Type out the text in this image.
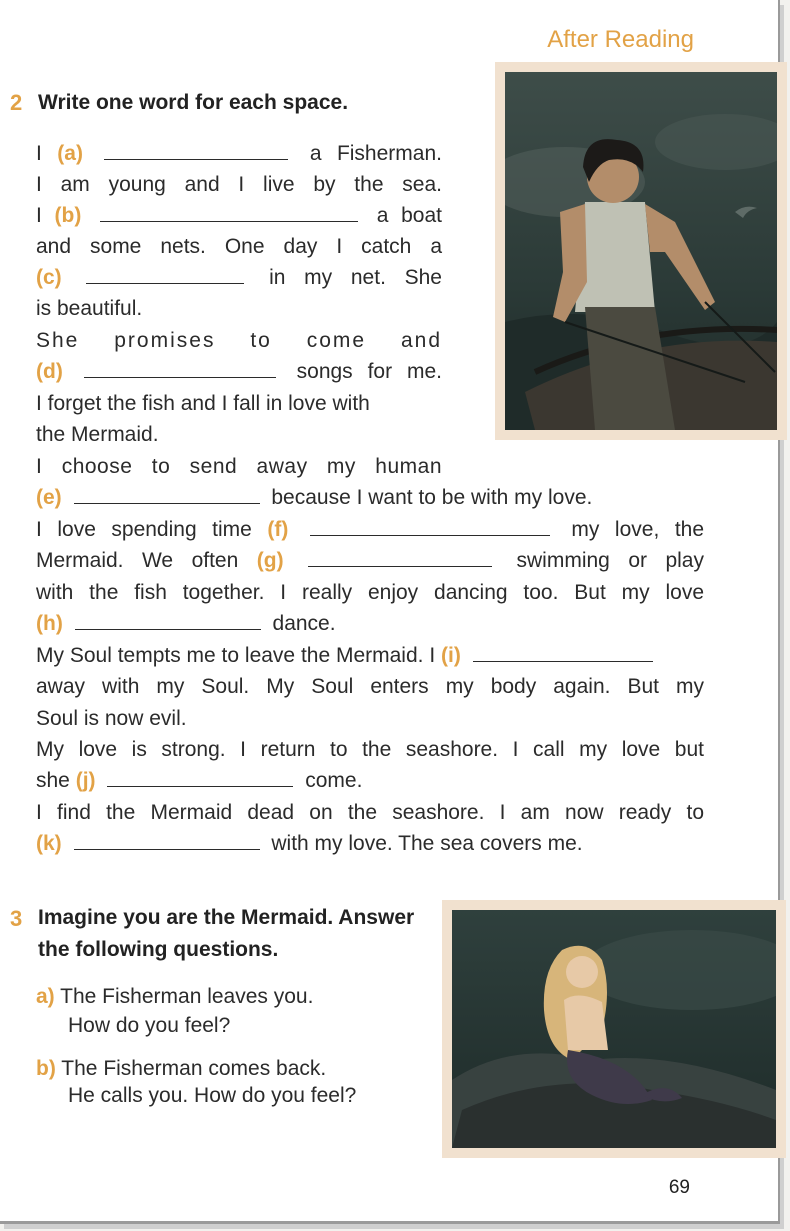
After Reading
2 Write one word for each space.
I (a)	a Fisherman.
I am young and I live by the sea.
I (b)	a boat
and some nets. One day I catch a
(c)	in my net. She
is beautiful.
She promises to come and
(d)	songs for me.
I forget the fish and I fall in love with
the Mermaid.
I choose to send away my human
(e)	because I want to be with my love.
I love spending time (f)	my love, the
Mermaid. We often (g)	swimming or play
with the fish together. I really enjoy dancing too. But my love
(h)	dance.
My Soul tempts me to leave the Mermaid. I (i)
away with my Soul. My Soul enters my body again. But my
Soul is now evil.
My love is strong. I return to the seashore. I call my love but
she (j)	come.
I find the Mermaid dead on the seashore. I am now ready to
(k)	with my love. The sea covers me.
3 Imagine you are the Mermaid. Answer
the following questions.
a) The Fisherman leaves you.
How do you feel?
b) The Fisherman comes back.
He calls you. How do you feel?
69
